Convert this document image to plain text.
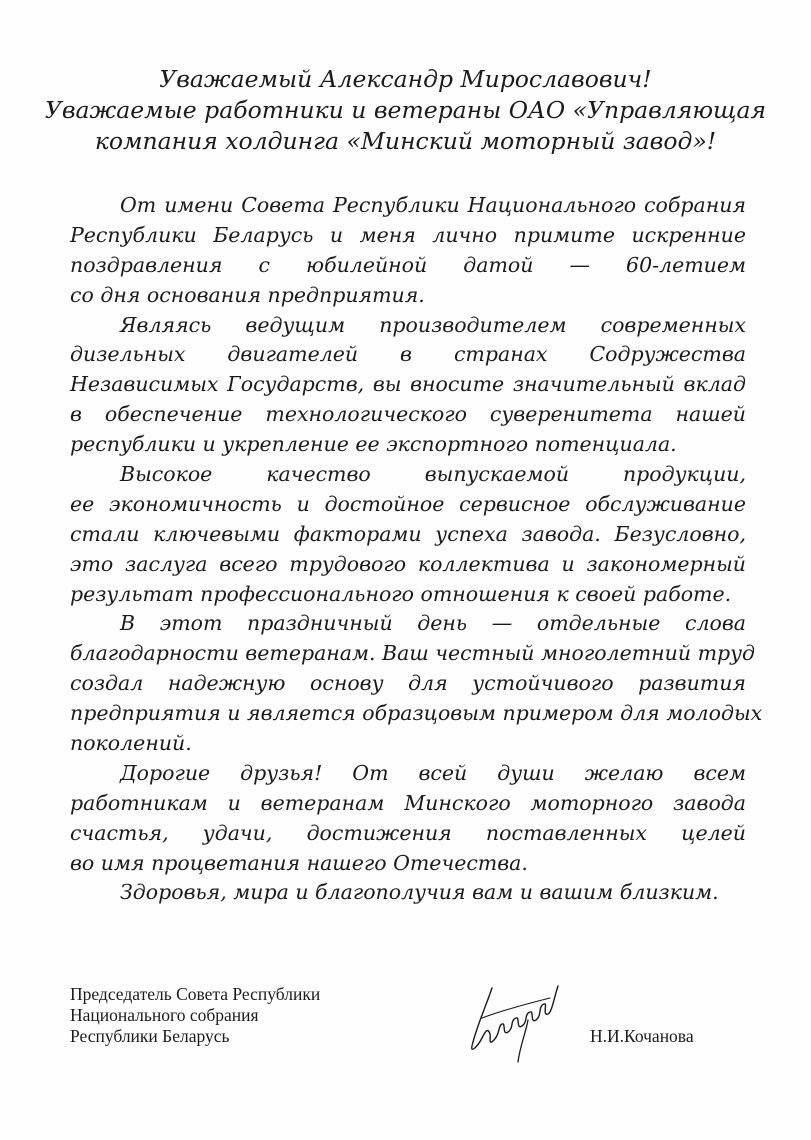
Уважаемый Александр Мирославович!
Уважаемые работники и ветераны ОАО «Управляющая
компания холдинга «Минский моторный завод»!
От имени Совета Республики Национального собрания
Республики Беларусь и меня лично примите искренние
поздравления с юбилейной датой — 60-летием
со дня основания предприятия.
Являясь ведущим производителем современных
дизельных двигателей в странах Содружества
Независимых Государств, вы вносите значительный вклад
в обеспечение технологического суверенитета нашей
республики и укрепление ее экспортного потенциала.
Высокое качество выпускаемой продукции,
ее экономичность и достойное сервисное обслуживание
стали ключевыми факторами успеха завода. Безусловно,
это заслуга всего трудового коллектива и закономерный
результат профессионального отношения к своей работе.
В этот праздничный день — отдельные слова
благодарности ветеранам. Ваш честный многолетний труд
создал надежную основу для устойчивого развития
предприятия и является образцовым примером для молодых
поколений.
Дорогие друзья! От всей души желаю всем
работникам и ветеранам Минского моторного завода
счастья, удачи, достижения поставленных целей
во имя процветания нашего Отечества.
Здоровья, мира и благополучия вам и вашим близким.
Председатель Совета Республики
Национального собрания
Республики Беларусь	Н.И.Кочанова
